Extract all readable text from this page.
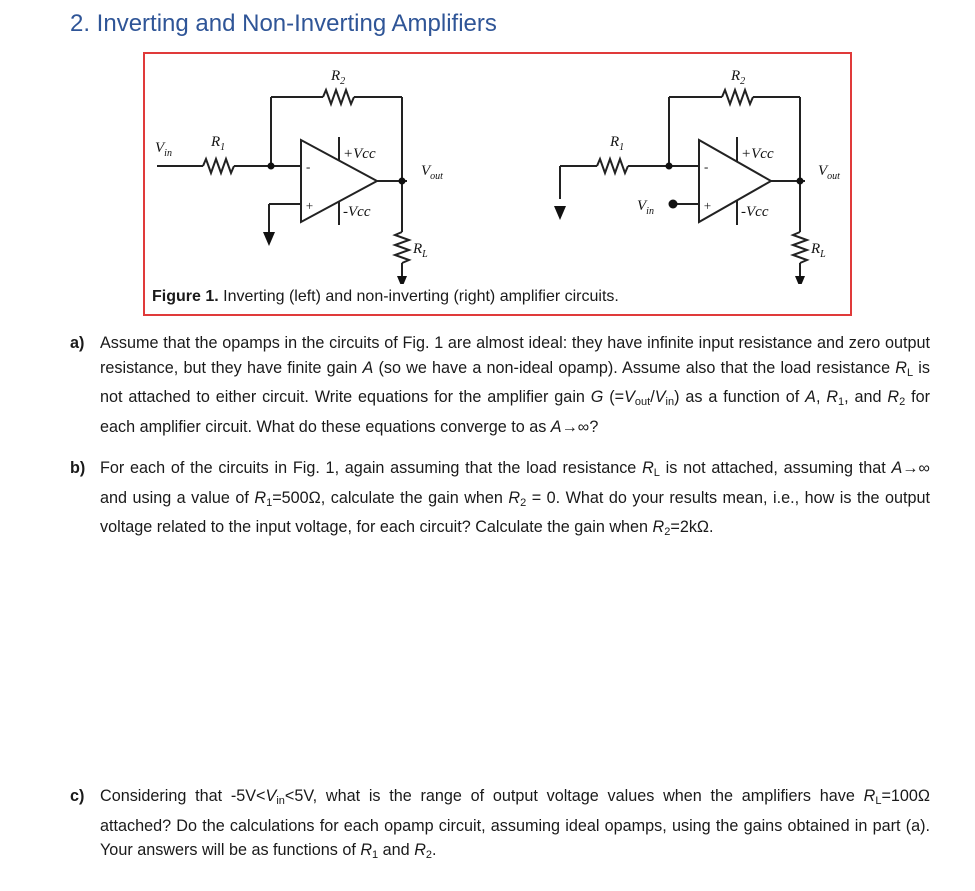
2. Inverting and Non-Inverting Amplifiers
-
+
-
+
$R_2$
$R_1$
$V_{in}$	+Vcc
-Vcc
$V_{out}$
$R_L$
$R_2$
$R_1$
$V_{in}$
+Vcc
-Vcc
$V_{out}$
$R_L$
Figure 1. Inverting (left) and non-inverting (right) amplifier circuits.
a) Assume that the opamps in the circuits of Fig. 1 are almost ideal: they have infinite input resistance and zero output resistance, but they have finite gain A (so we have a non-ideal opamp). Assume also that the load resistance $R_L$ is not attached to either circuit. Write equations for the amplifier gain G $(=V_{out}/V_{in})$ as a function of A, $R_1$, and $R_2$ for each amplifier circuit. What do these equations converge to as A→∞?
b) For each of the circuits in Fig. 1, again assuming that the load resistance $R_L$ is not attached, assuming that A→∞ and using a value of $R_1=500\Omega$, calculate the gain when $R_2 = 0$. What do your results mean, i.e., how is the output voltage related to the input voltage, for each circuit? Calculate the gain when $R_2=2k\Omega$.
c) Considering that $-5V<V_{in}<5V$, what is the range of output voltage values when the amplifiers have $R_L=100\Omega$ attached? Do the calculations for each opamp circuit, assuming ideal opamps, using the gains obtained in part (a). Your answers will be as functions of $R_1$ and $R_2$.
